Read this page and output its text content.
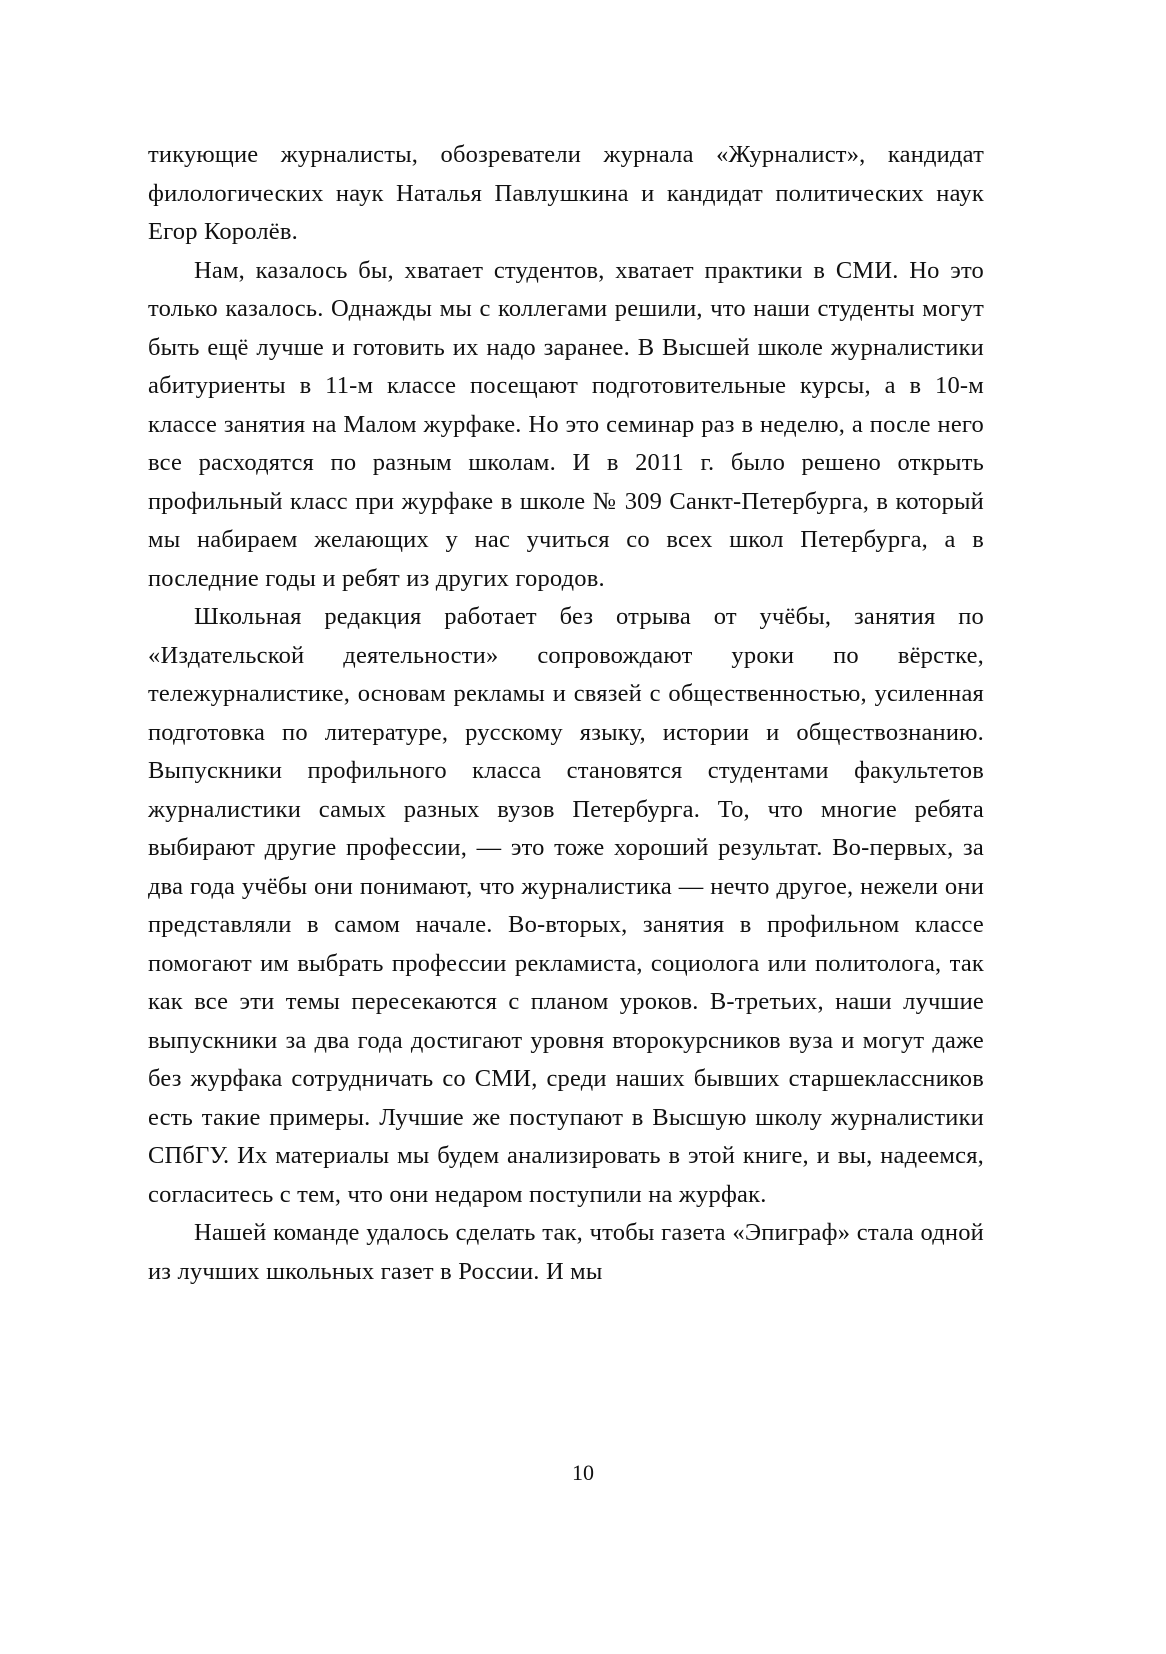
тикующие журналисты, обозреватели журнала «Журналист», кандидат филологических наук Наталья Павлушкина и кандидат политических наук Егор Королёв.

Нам, казалось бы, хватает студентов, хватает практики в СМИ. Но это только казалось. Однажды мы с коллегами решили, что наши студенты могут быть ещё лучше и готовить их надо заранее. В Высшей школе журналистики абитуриенты в 11-м классе посещают подготовительные курсы, а в 10-м классе занятия на Малом журфаке. Но это семинар раз в неделю, а после него все расходятся по разным школам. И в 2011 г. было решено открыть профильный класс при журфаке в школе № 309 Санкт-Петербурга, в который мы набираем желающих у нас учиться со всех школ Петербурга, а в последние годы и ребят из других городов.

Школьная редакция работает без отрыва от учёбы, занятия по «Издательской деятельности» сопровождают уроки по вёрстке, тележурналистике, основам рекламы и связей с общественностью, усиленная подготовка по литературе, русскому языку, истории и обществознанию. Выпускники профильного класса становятся студентами факультетов журналистики самых разных вузов Петербурга. То, что многие ребята выбирают другие профессии, — это тоже хороший результат. Во-первых, за два года учёбы они понимают, что журналистика — нечто другое, нежели они представляли в самом начале. Во-вторых, занятия в профильном классе помогают им выбрать профессии рекламиста, социолога или политолога, так как все эти темы пересекаются с планом уроков. В-третьих, наши лучшие выпускники за два года достигают уровня второкурсников вуза и могут даже без журфака сотрудничать со СМИ, среди наших бывших старшеклассников есть такие примеры. Лучшие же поступают в Высшую школу журналистики СПбГУ. Их материалы мы будем анализировать в этой книге, и вы, надеемся, согласитесь с тем, что они недаром поступили на журфак.

Нашей команде удалось сделать так, чтобы газета «Эпиграф» стала одной из лучших школьных газет в России. И мы

10
